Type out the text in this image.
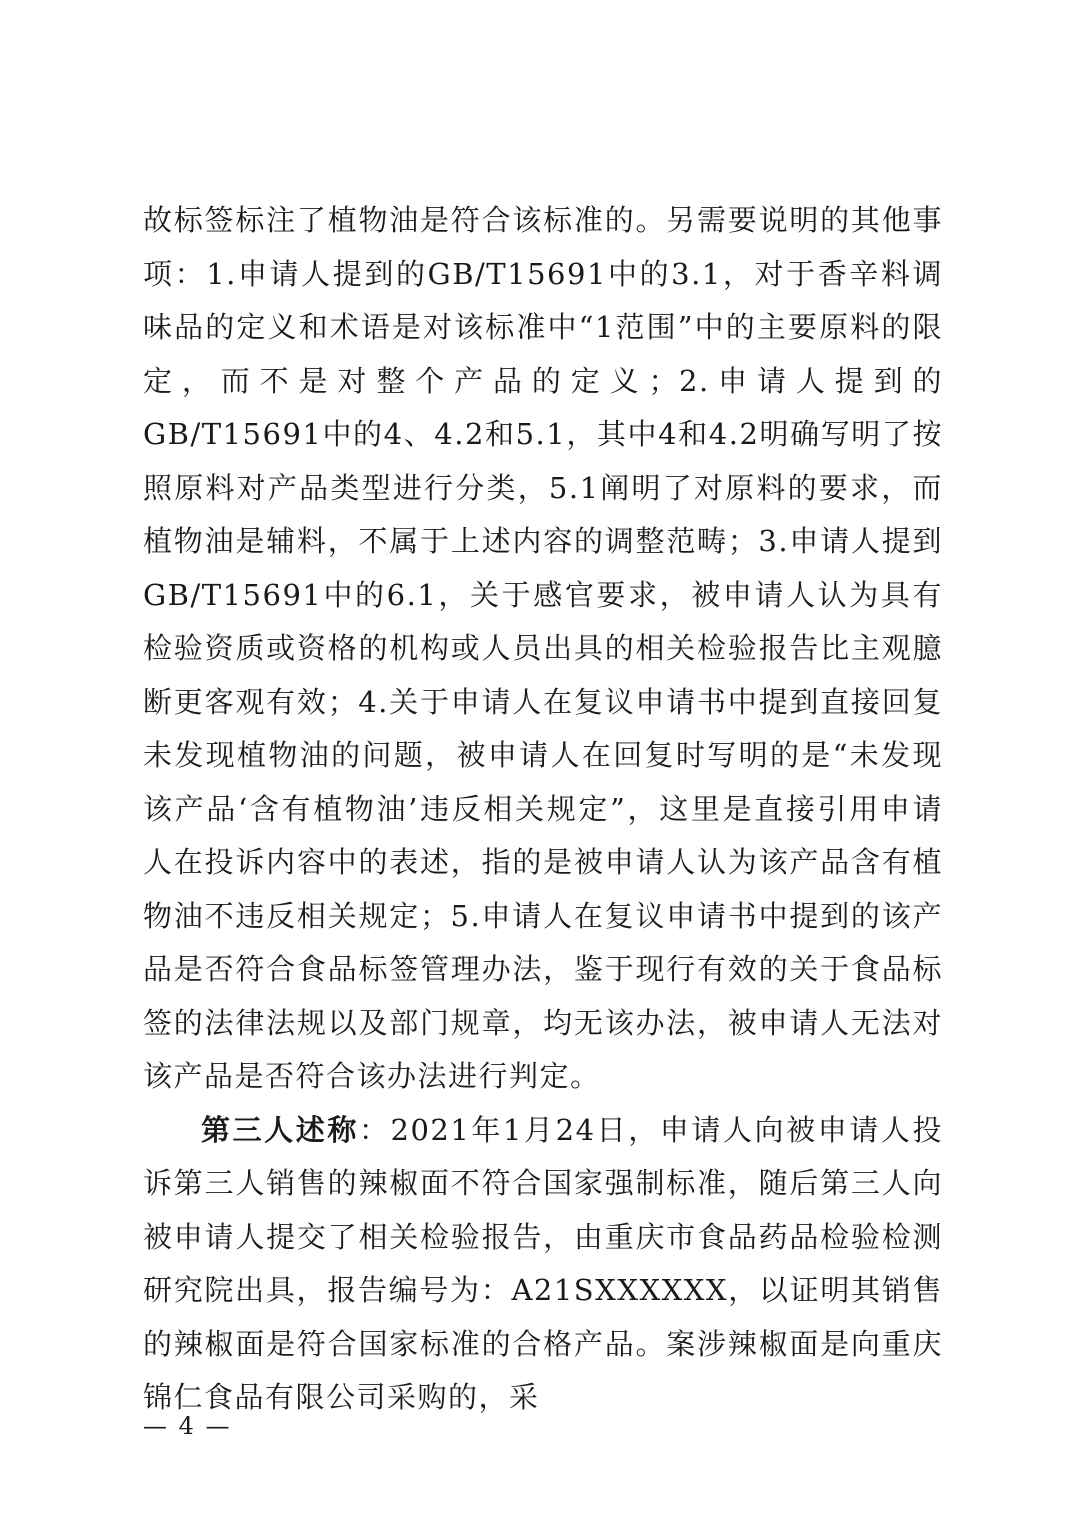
故标签标注了植物油是符合该标准的。另需要说明的其他事项：1.申请人提到的GB/T15691中的3.1，对于香辛料调味品的定义和术语是对该标准中“1范围”中的主要原料的限定，而不是对整个产品的定义；2.申请人提到的GB/T15691中的4、4.2和5.1，其中4和4.2明确写明了按照原料对产品类型进行分类，5.1阐明了对原料的要求，而植物油是辅料，不属于上述内容的调整范畴；3.申请人提到GB/T15691中的6.1，关于感官要求，被申请人认为具有检验资质或资格的机构或人员出具的相关检验报告比主观臆断更客观有效；4.关于申请人在复议申请书中提到直接回复未发现植物油的问题，被申请人在回复时写明的是“未发现该产品‘含有植物油’违反相关规定”，这里是直接引用申请人在投诉内容中的表述，指的是被申请人认为该产品含有植物油不违反相关规定；5.申请人在复议申请书中提到的该产品是否符合食品标签管理办法，鉴于现行有效的关于食品标签的法律法规以及部门规章，均无该办法，被申请人无法对该产品是否符合该办法进行判定。

第三人述称：2021年1月24日，申请人向被申请人投诉第三人销售的辣椒面不符合国家强制标准，随后第三人向被申请人提交了相关检验报告，由重庆市食品药品检验检测研究院出具，报告编号为：A21SXXXXXX，以证明其销售的辣椒面是符合国家标准的合格产品。案涉辣椒面是向重庆锦仁食品有限公司采购的，采

— 4 —
